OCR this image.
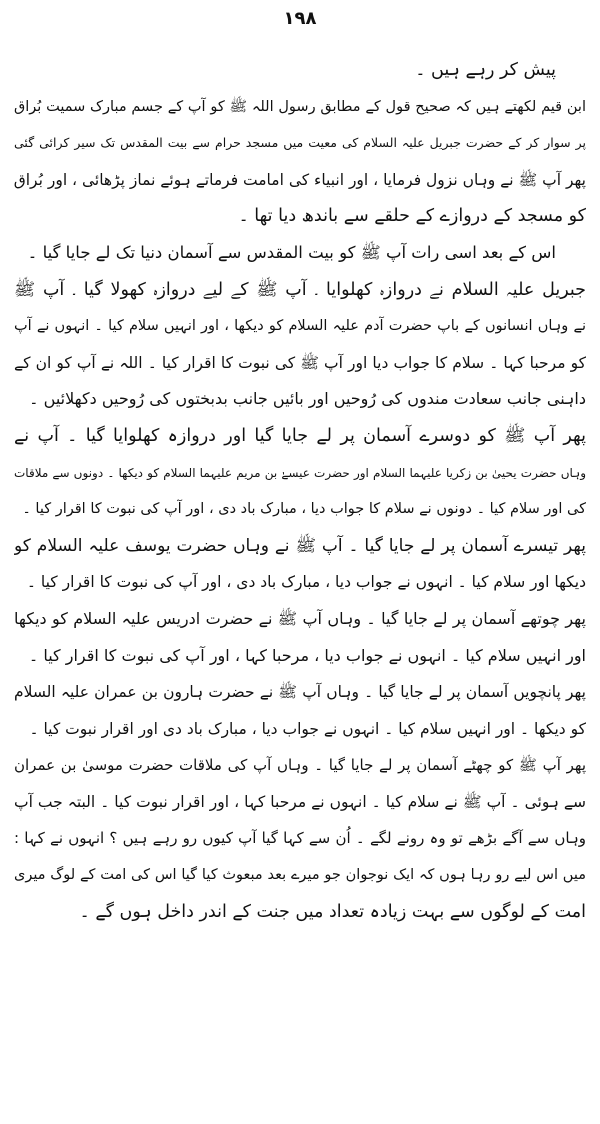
۱۹۸
پیش کر رہے ہیں ۔
ابن قیم لکھتے ہیں کہ صحیح قول کے مطابق رسول اللہ ﷺ کو آپ کے جسم مبارک سمیت بُراق
پر سوار کر کے حضرت جبریل علیہ السلام کی معیت میں مسجد حرام سے بیت المقدس تک سیر کرائی گئی
پھر آپ ﷺ نے وہاں نزول فرمایا ، اور انبیاء کی امامت فرماتے ہوئے نماز پڑھائی ، اور بُراق
کو مسجد کے دروازے کے حلقے سے باندھ دیا تھا ۔
اس کے بعد اسی رات آپ ﷺ کو بیت المقدس سے آسمان دنیا تک لے جایا گیا ۔
جبریل علیہ السلام نے دروازہ کھلوایا ۔ آپ ﷺ کے لیے دروازہ کھولا گیا ۔ آپ ﷺ
نے وہاں انسانوں کے باپ حضرت آدم علیہ السلام کو دیکھا ، اور انہیں سلام کیا ۔ انہوں نے آپ
کو مرحبا کہا ۔ سلام کا جواب دیا اور آپ ﷺ کی نبوت کا اقرار کیا ۔ اللہ نے آپ کو ان کے
داہنی جانب سعادت مندوں کی رُوحیں اور بائیں جانب بدبختوں کی رُوحیں دکھلائیں ۔
پھر آپ ﷺ کو دوسرے آسمان پر لے جایا گیا اور دروازہ کھلوایا گیا ۔ آپ نے
وہاں حضرت یحییٰ بن زکریا علیہما السلام اور حضرت عیسےٰ بن مریم علیہما السلام کو دیکھا ۔ دونوں سے ملاقات
کی اور سلام کیا ۔ دونوں نے سلام کا جواب دیا ، مبارک باد دی ، اور آپ کی نبوت کا اقرار کیا ۔
پھر تیسرے آسمان پر لے جایا گیا ۔ آپ ﷺ نے وہاں حضرت یوسف علیہ السلام کو
دیکھا اور سلام کیا ۔ انہوں نے جواب دیا ، مبارک باد دی ، اور آپ کی نبوت کا اقرار کیا ۔
پھر چوتھے آسمان پر لے جایا گیا ۔ وہاں آپ ﷺ نے حضرت ادریس علیہ السلام کو دیکھا
اور انہیں سلام کیا ۔ انہوں نے جواب دیا ، مرحبا کہا ، اور آپ کی نبوت کا اقرار کیا ۔
پھر پانچویں آسمان پر لے جایا گیا ۔ وہاں آپ ﷺ نے حضرت ہارون بن عمران علیہ السلام
کو دیکھا ۔ اور انہیں سلام کیا ۔ انہوں نے جواب دیا ، مبارک باد دی اور اقرار نبوت کیا ۔
پھر آپ ﷺ کو چھٹے آسمان پر لے جایا گیا ۔ وہاں آپ کی ملاقات حضرت موسیٰ بن عمران
سے ہوئی ۔ آپ ﷺ نے سلام کیا ۔ انہوں نے مرحبا کہا ، اور اقرار نبوت کیا ۔ البتہ جب آپ
وہاں سے آگے بڑھے تو وہ رونے لگے ۔ اُن سے کہا گیا آپ کیوں رو رہے ہیں ؟ انہوں نے کہا :
میں اس لیے رو رہا ہوں کہ ایک نوجوان جو میرے بعد مبعوث کیا گیا اس کی امت کے لوگ میری
امت کے لوگوں سے بہت زیادہ تعداد میں جنت کے اندر داخل ہوں گے ۔
